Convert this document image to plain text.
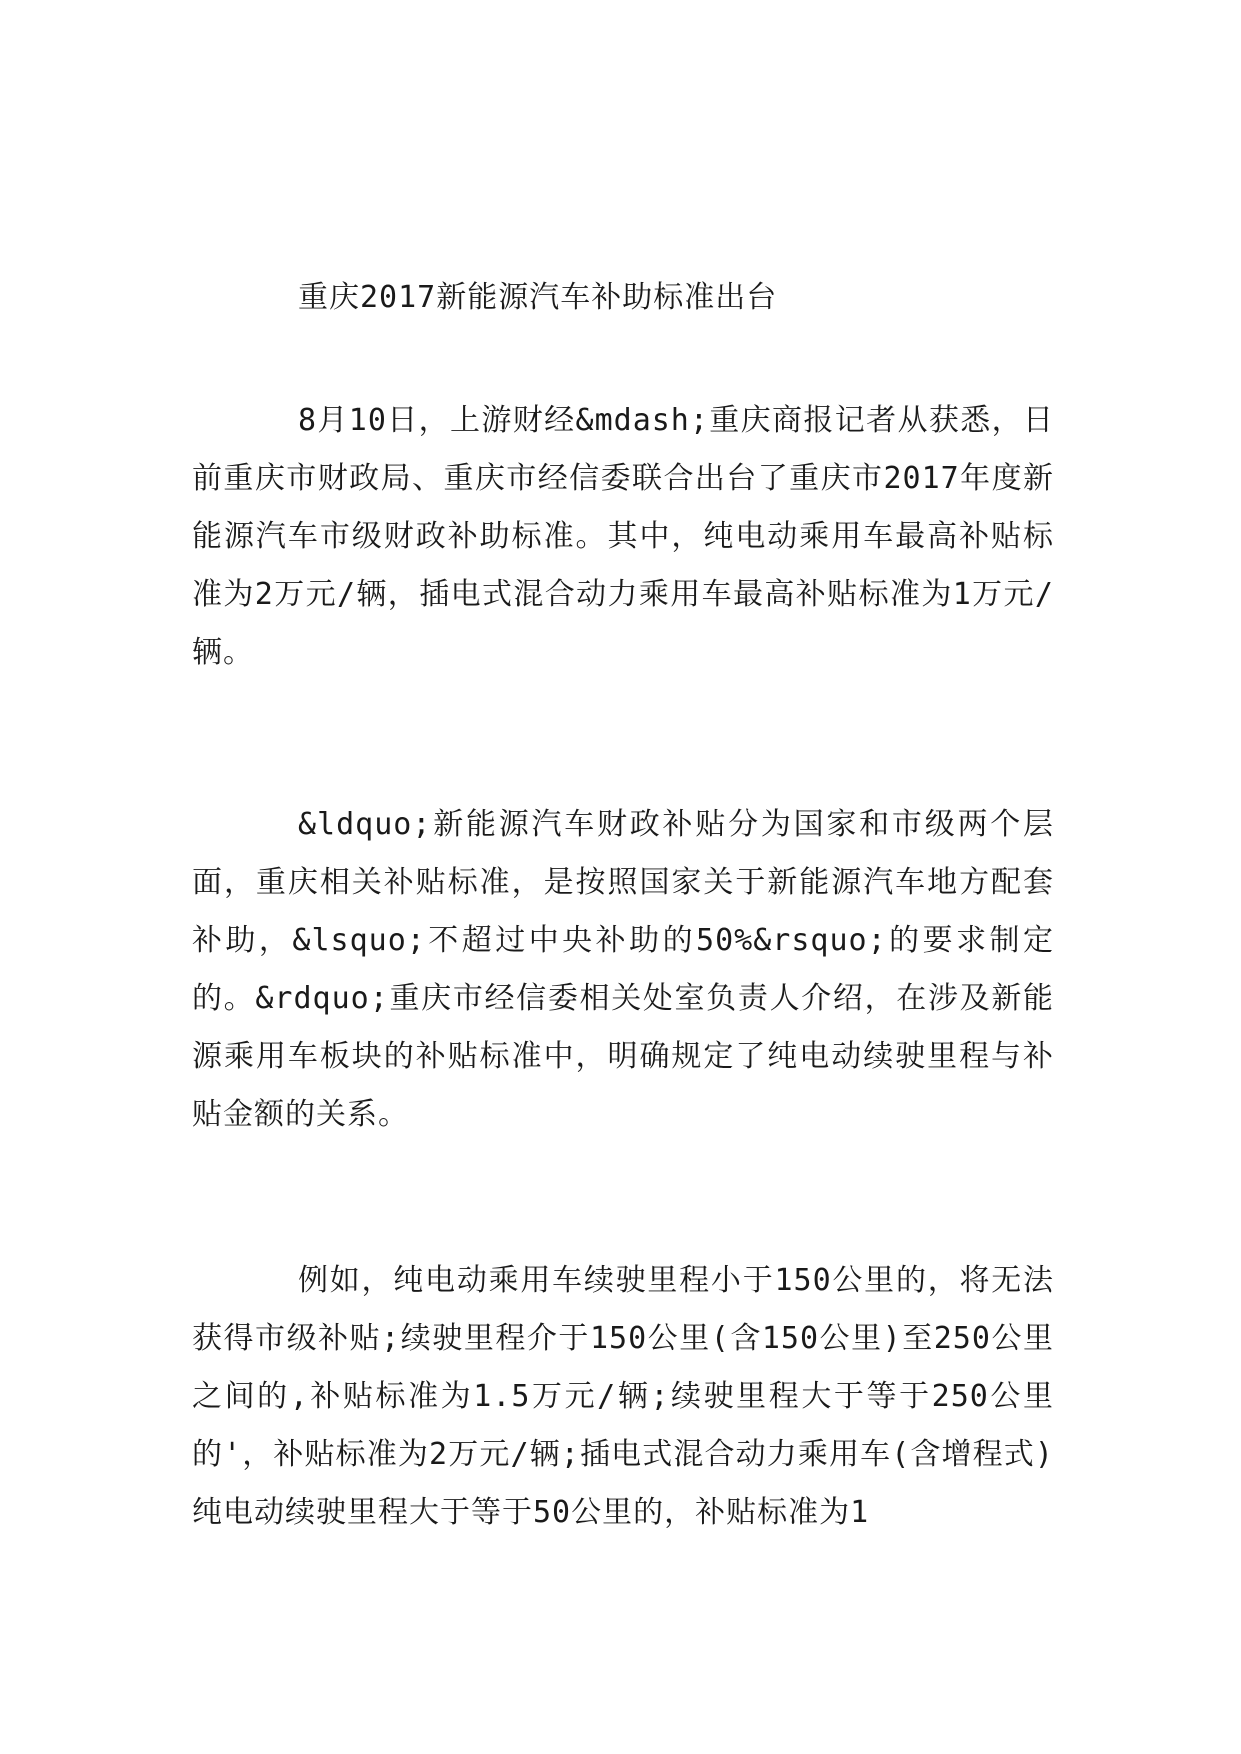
重庆2017新能源汽车补助标准出台

8月10日，上游财经&mdash;重庆商报记者从获悉，日前重庆市财政局、重庆市经信委联合出台了重庆市2017年度新能源汽车市级财政补助标准。其中，纯电动乘用车最高补贴标准为2万元/辆，插电式混合动力乘用车最高补贴标准为1万元/辆。

&ldquo;新能源汽车财政补贴分为国家和市级两个层面，重庆相关补贴标准，是按照国家关于新能源汽车地方配套补助，&lsquo;不超过中央补助的50%&rsquo;的要求制定的。&rdquo;重庆市经信委相关处室负责人介绍，在涉及新能源乘用车板块的补贴标准中，明确规定了纯电动续驶里程与补贴金额的关系。

例如，纯电动乘用车续驶里程小于150公里的，将无法获得市级补贴;续驶里程介于150公里(含150公里)至250公里之间的,补贴标准为1.5万元/辆;续驶里程大于等于250公里的'，补贴标准为2万元/辆;插电式混合动力乘用车(含增程式)纯电动续驶里程大于等于50公里的，补贴标准为1
